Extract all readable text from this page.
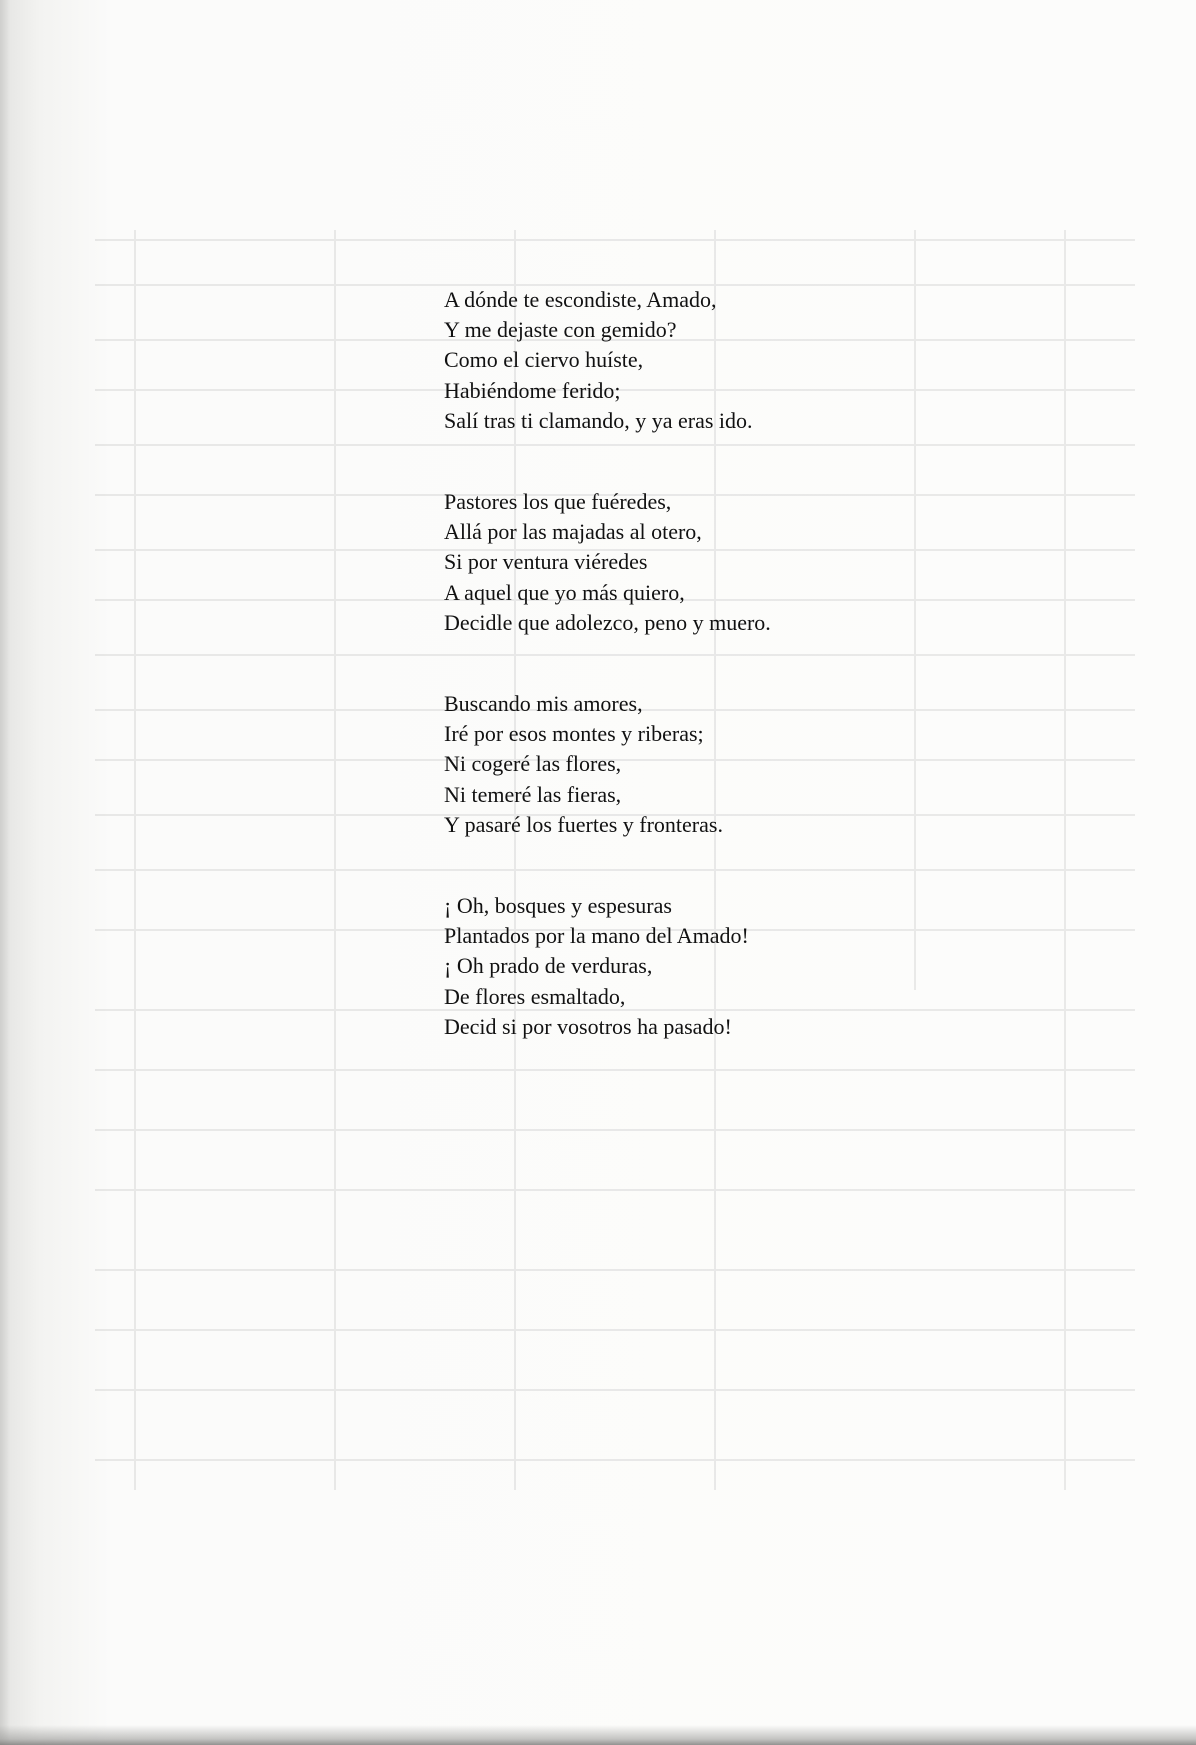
A dónde te escondiste, Amado,
Y me dejaste con gemido?
Como el ciervo huíste,
Habiéndome ferido;
Salí tras ti clamando, y ya eras ido.
Pastores los que fuéredes,
Allá por las majadas al otero,
Si por ventura viéredes
A aquel que yo más quiero,
Decidle que adolezco, peno y muero.
Buscando mis amores,
Iré por esos montes y riberas;
Ni cogeré las flores,
Ni temeré las fieras,
Y pasaré los fuertes y fronteras.
¡ Oh, bosques y espesuras
Plantados por la mano del Amado!
¡ Oh prado de verduras,
De flores esmaltado,
Decid si por vosotros ha pasado!
